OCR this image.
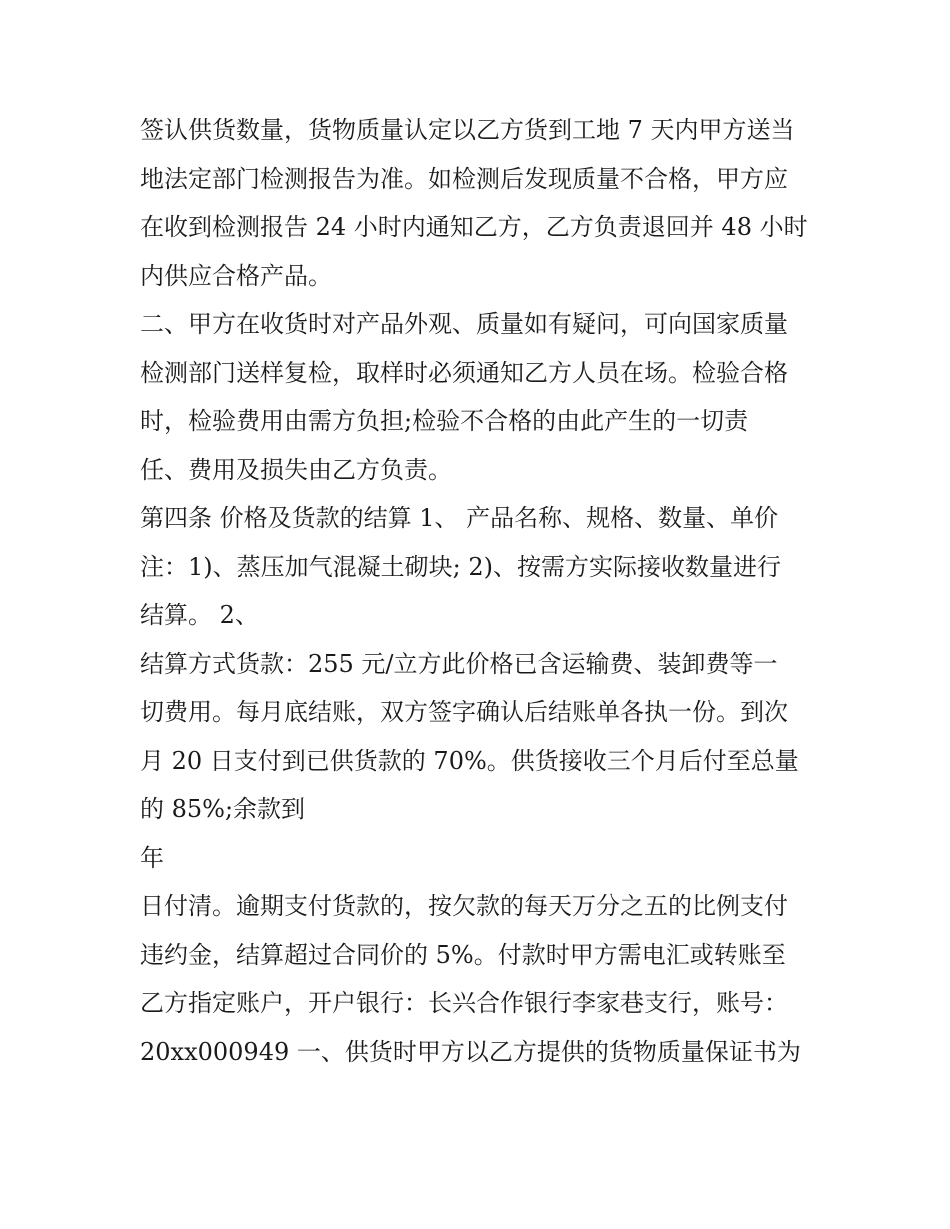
签认供货数量，货物质量认定以乙方货到工地 7 天内甲方送当
地法定部门检测报告为准。如检测后发现质量不合格，甲方应
在收到检测报告 24 小时内通知乙方，乙方负责退回并 48 小时
内供应合格产品。
二、甲方在收货时对产品外观、质量如有疑问，可向国家质量
检测部门送样复检，取样时必须通知乙方人员在场。检验合格
时，检验费用由需方负担;检验不合格的由此产生的一切责
任、费用及损失由乙方负责。
第四条 价格及货款的结算 1、 产品名称、规格、数量、单价
注：1)、蒸压加气混凝土砌块; 2)、按需方实际接收数量进行
结算。 2、
结算方式货款：255 元/立方此价格已含运输费、装卸费等一
切费用。每月底结账，双方签字确认后结账单各执一份。到次
月 20 日支付到已供货款的 70%。供货接收三个月后付至总量
的 85%;余款到
年
日付清。逾期支付货款的，按欠款的每天万分之五的比例支付
违约金，结算超过合同价的 5%。付款时甲方需电汇或转账至
乙方指定账户，开户银行：长兴合作银行李家巷支行，账号：
20xx000949 一、供货时甲方以乙方提供的货物质量保证书为
